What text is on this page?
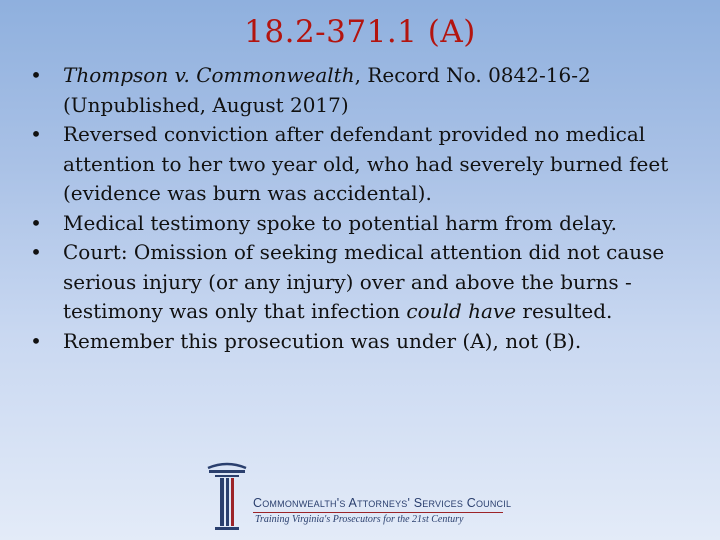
18.2-371.1 (A)
• Thompson v. Commonwealth, Record No. 0842-16-2 (Unpublished, August 2017)
• Reversed conviction after defendant provided no medical attention to her two year old, who had severely burned feet (evidence was burn was accidental).
• Medical testimony spoke to potential harm from delay.
• Court: Omission of seeking medical attention did not cause serious injury (or any injury) over and above the burns - testimony was only that infection could have resulted.
• Remember this prosecution was under (A), not (B).
Commonwealth's Attorneys' Services Council
Training Virginia's Prosecutors for the 21st Century
